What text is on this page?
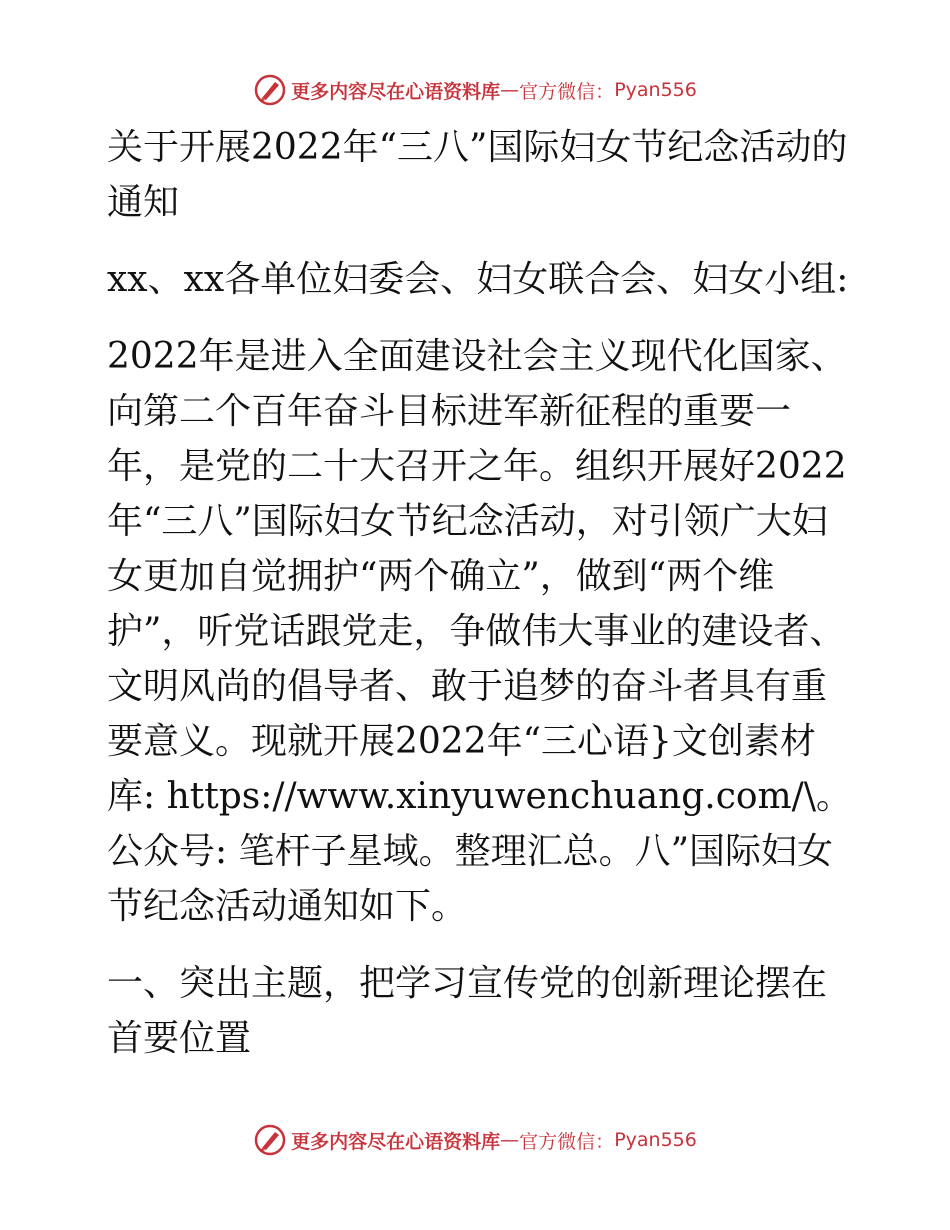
更多内容尽在心语资料库 — 官方微信： Pyan556

关于开展2022年“三八”国际妇女节纪念活动的通知

xx、xx各单位妇委会、妇女联合会、妇女小组:

2022年是进入全面建设社会主义现代化国家、向第二个百年奋斗目标进军新征程的重要一年，是党的二十大召开之年。组织开展好2022年“三八”国际妇女节纪念活动，对引领广大妇女更加自觉拥护“两个确立”，做到“两个维护”，听党话跟党走，争做伟大事业的建设者、文明风尚的倡导者、敢于追梦的奋斗者具有重要意义。现就开展2022年“三心语}文创素材库: https://www.xinyuwenchuang.com/\。公众号: 笔杆子星域。整理汇总。八”国际妇女节纪念活动通知如下。

一、突出主题，把学习宣传党的创新理论摆在首要位置

更多内容尽在心语资料库 — 官方微信： Pyan556
